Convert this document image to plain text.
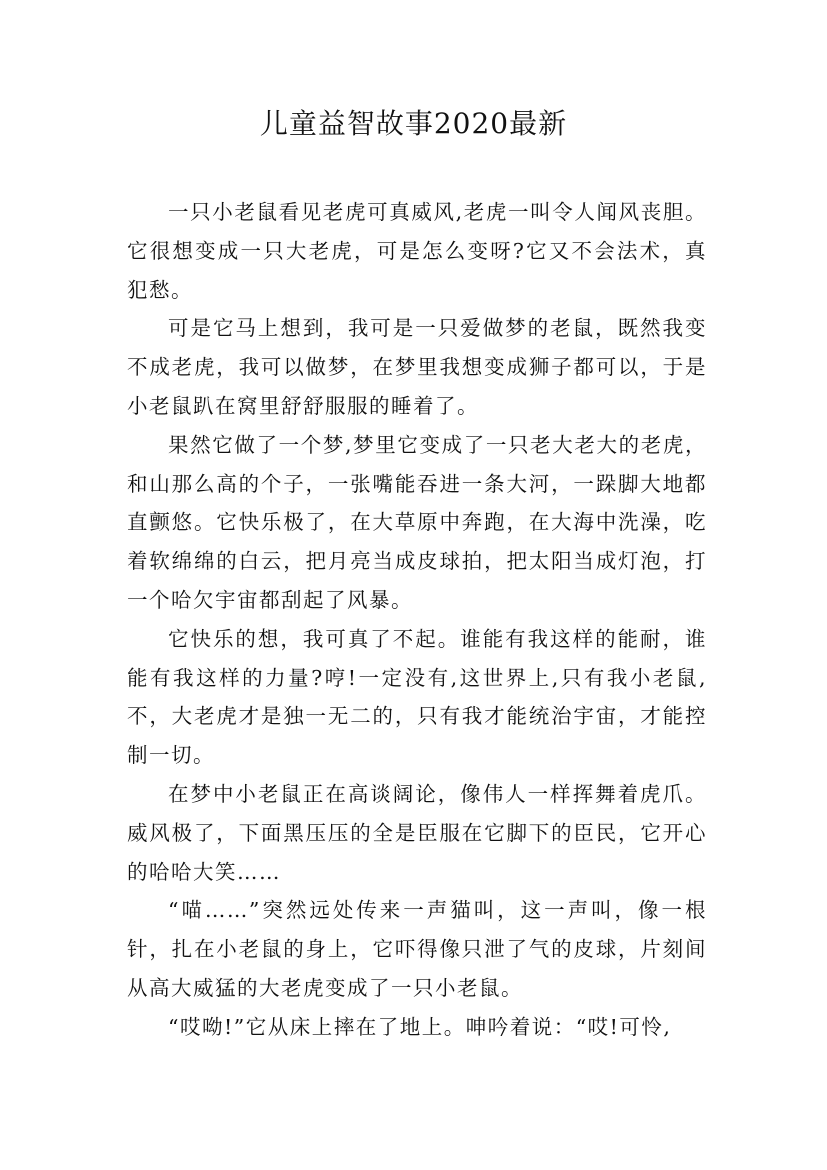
儿童益智故事2020最新

一只小老鼠看见老虎可真威风,老虎一叫令人闻风丧胆。它很想变成一只大老虎，可是怎么变呀?它又不会法术，真犯愁。

可是它马上想到，我可是一只爱做梦的老鼠，既然我变不成老虎，我可以做梦，在梦里我想变成狮子都可以，于是小老鼠趴在窝里舒舒服服的睡着了。

果然它做了一个梦,梦里它变成了一只老大老大的老虎，和山那么高的个子，一张嘴能吞进一条大河，一跺脚大地都直颤悠。它快乐极了，在大草原中奔跑，在大海中洗澡，吃着软绵绵的白云，把月亮当成皮球拍，把太阳当成灯泡，打一个哈欠宇宙都刮起了风暴。

它快乐的想，我可真了不起。谁能有我这样的能耐，谁能有我这样的力量?哼!一定没有,这世界上,只有我小老鼠,不，大老虎才是独一无二的，只有我才能统治宇宙，才能控制一切。

在梦中小老鼠正在高谈阔论，像伟人一样挥舞着虎爪。威风极了，下面黑压压的全是臣服在它脚下的臣民，它开心的哈哈大笑……

“喵……”突然远处传来一声猫叫，这一声叫，像一根针，扎在小老鼠的身上，它吓得像只泄了气的皮球，片刻间从高大威猛的大老虎变成了一只小老鼠。

“哎呦!”它从床上摔在了地上。呻吟着说：“哎!可怜,
